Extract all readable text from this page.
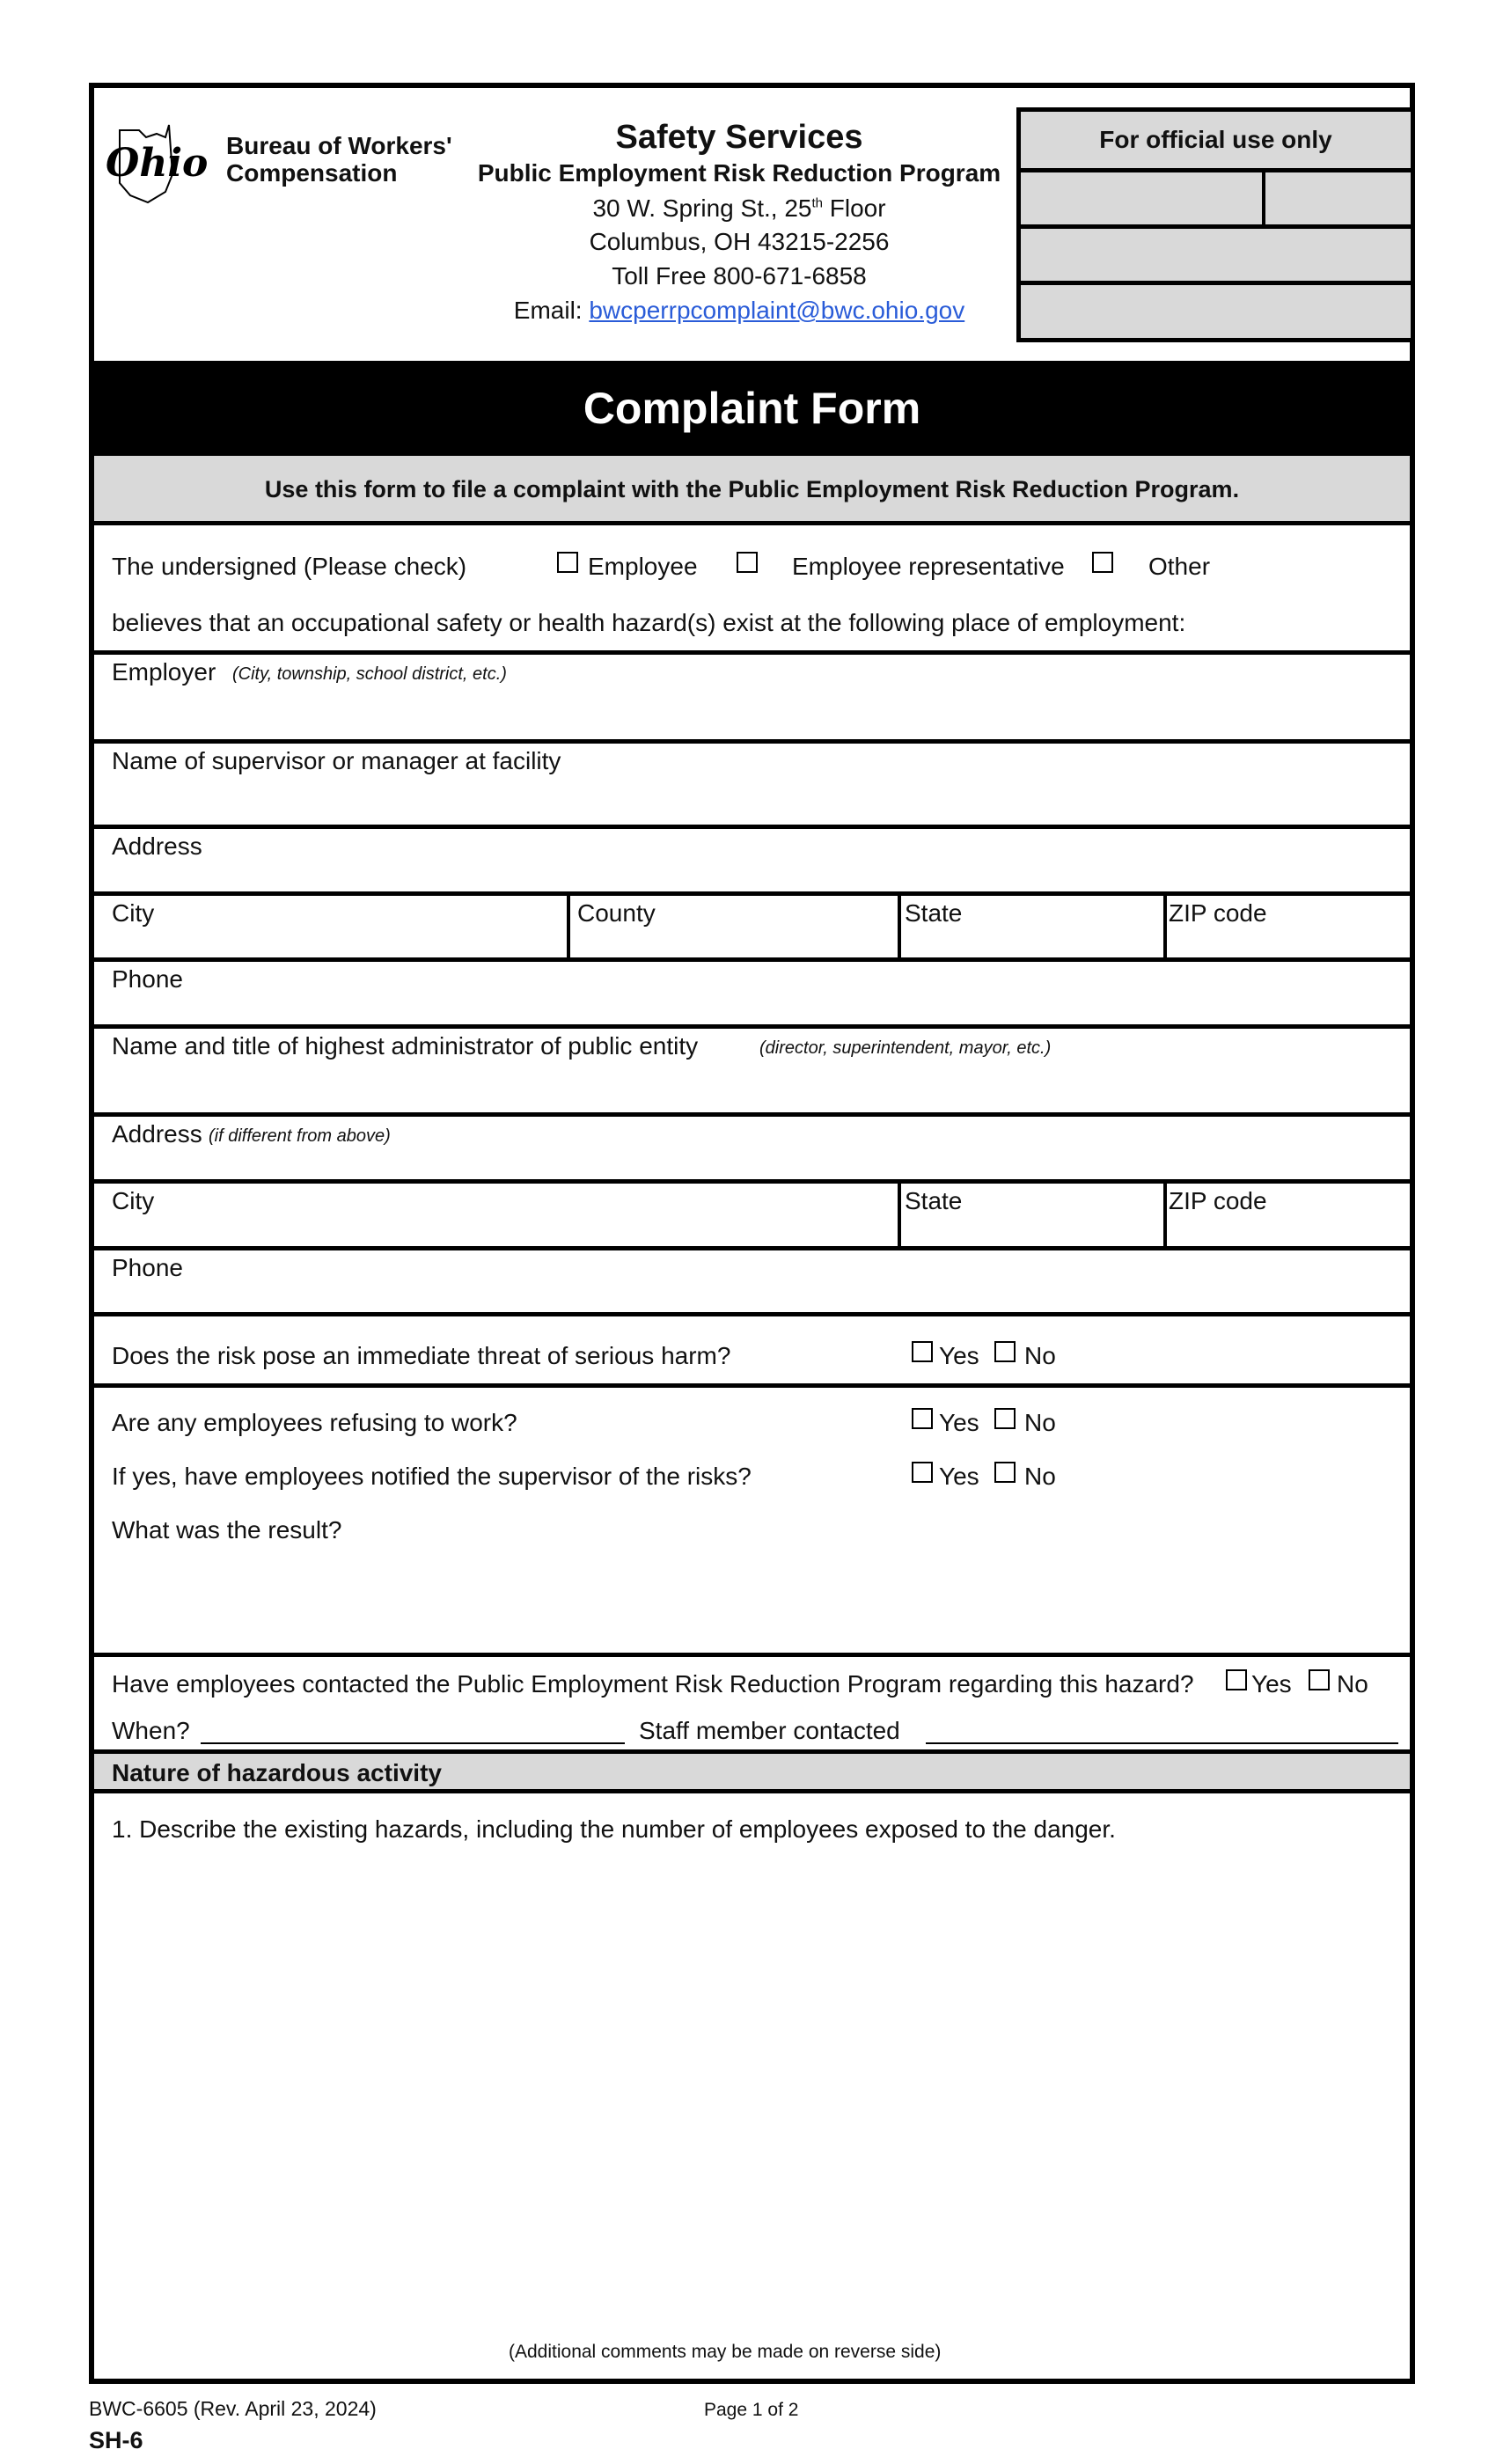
Ohio Bureau of Workers'
Compensation
Safety Services
Public Employment Risk Reduction Program
30 W. Spring St., 25th Floor
Columbus, OH 43215-2256
Toll Free 800-671-6858
Email: bwcperrpcomplaint@bwc.ohio.gov
For official use only
Complaint Form
Use this form to file a complaint with the Public Employment Risk Reduction Program.
The undersigned (Please check)	Employee	Employee representative	Other
believes that an occupational safety or health hazard(s) exist at the following place of employment:
Employer (City, township, school district, etc.)
Name of supervisor or manager at facility
Address
City	County	State	ZIP code
Phone
Name and title of highest administrator of public entity	(director, superintendent, mayor, etc.)
Address (if different from above)
City	State	ZIP code
Phone
Does the risk pose an immediate threat of serious harm?	Yes No
Are any employees refusing to work?	Yes No
If yes, have employees notified the supervisor of the risks?	Yes No
What was the result?
Have employees contacted the Public Employment Risk Reduction Program regarding this hazard? Yes No
When?	Staff member contacted
Nature of hazardous activity
1. Describe the existing hazards, including the number of employees exposed to the danger.
(Additional comments may be made on reverse side)
BWC-6605 (Rev. April 23, 2024)	Page 1 of 2
SH-6
